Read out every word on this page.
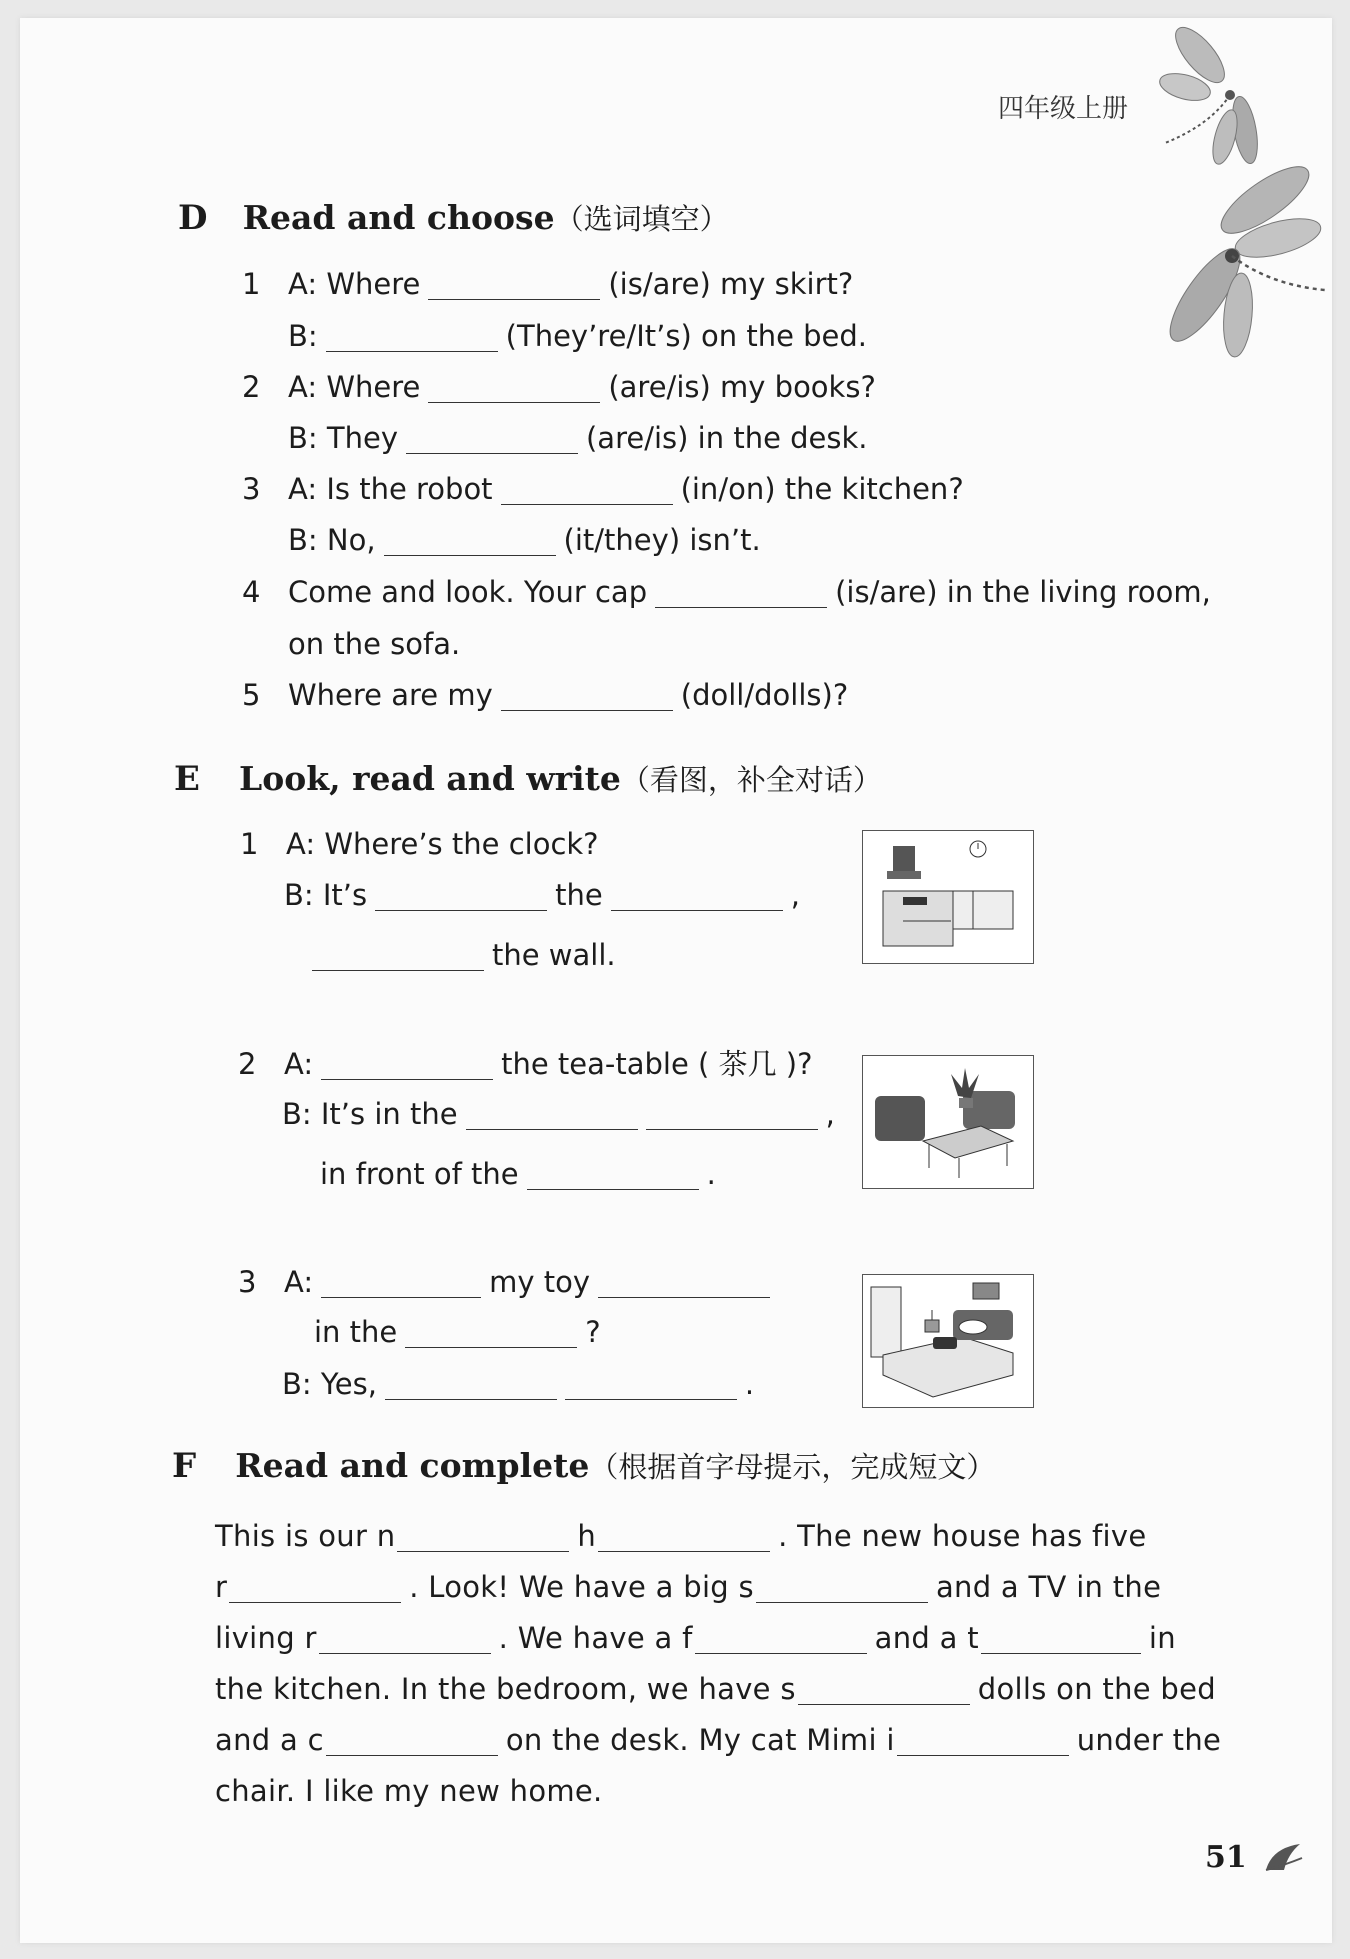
四年级上册
D Read and choose（选词填空）
1 A: Where	(is/are) my skirt?
B:	(They’re/It’s) on the bed.
2 A: Where	(are/is) my books?
B: They	(are/is) in the desk.
3 A: Is the robot	(in/on) the kitchen?
B: No,	(it/they) isn’t.
4 Come and look. Your cap	(is/are) in the living room,
on the sofa.
5 Where are my	(doll/dolls)?
E Look, read and write（看图，补全对话）
1 A: Where’s the clock?
B: It’s	the	,
the wall.
2 A:	the tea-table ( 茶几 )?
B: It’s in the	,
in front of the	.
3 A:	my toy
in the	?
B: Yes,	.
F Read and complete（根据首字母提示，完成短文）
This is our n	h	. The new house has five
r	. Look! We have a big s	and a TV in the
living r	. We have a f	and a t	in
the kitchen. In the bedroom, we have s	dolls on the bed
and a c	on the desk. My cat Mimi i	under the
chair. I like my new home.
51
